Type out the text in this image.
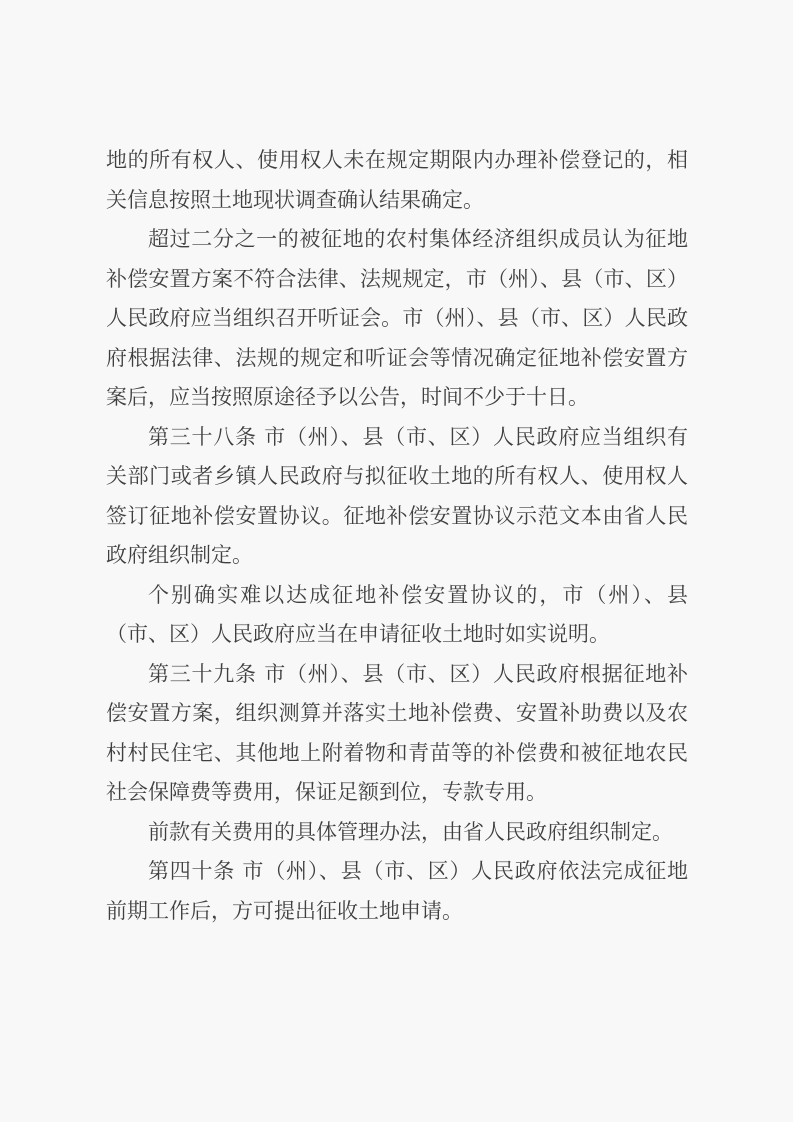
地的所有权人、使用权人未在规定期限内办理补偿登记的，相关信息按照土地现状调查确认结果确定。

超过二分之一的被征地的农村集体经济组织成员认为征地补偿安置方案不符合法律、法规规定，市（州）、县（市、区）人民政府应当组织召开听证会。市（州）、县（市、区）人民政府根据法律、法规的规定和听证会等情况确定征地补偿安置方案后，应当按照原途径予以公告，时间不少于十日。

第三十八条 市（州）、县（市、区）人民政府应当组织有关部门或者乡镇人民政府与拟征收土地的所有权人、使用权人签订征地补偿安置协议。征地补偿安置协议示范文本由省人民政府组织制定。

个别确实难以达成征地补偿安置协议的，市（州）、县（市、区）人民政府应当在申请征收土地时如实说明。

第三十九条 市（州）、县（市、区）人民政府根据征地补偿安置方案，组织测算并落实土地补偿费、安置补助费以及农村村民住宅、其他地上附着物和青苗等的补偿费和被征地农民社会保障费等费用，保证足额到位，专款专用。

前款有关费用的具体管理办法，由省人民政府组织制定。

第四十条 市（州）、县（市、区）人民政府依法完成征地前期工作后，方可提出征收土地申请。
